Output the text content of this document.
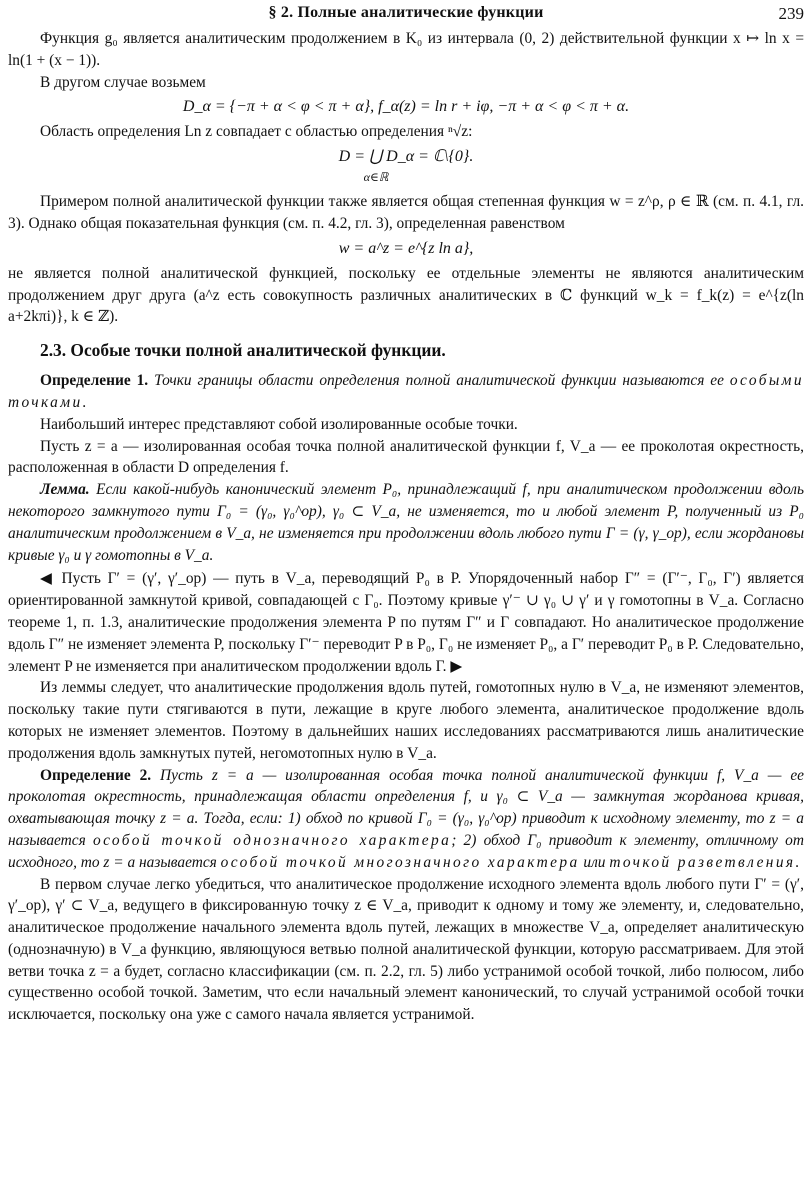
§ 2. Полные аналитические функции	239

Функция g₀ является аналитическим продолжением в K₀ из интервала (0, 2) действительной функции x ↦ ln x = ln(1 + (x − 1)).

В другом случае возьмем

D_α = {−π + α < φ < π + α}, f_α(z) = ln r + iφ, −π + α < φ < π + α.

Область определения Ln z совпадает с областью определения ⁿ√z:

D = ⋃ D_α = ℂ\{0}.
α∈ℝ

Примером полной аналитической функции также является общая степенная функция w = z^ρ, ρ ∈ ℝ (см. п. 4.1, гл. 3). Однако общая показательная функция (см. п. 4.2, гл. 3), определенная равенством

w = a^z = e^{z ln a},

не является полной аналитической функцией, поскольку ее отдельные элементы не являются аналитическим продолжением друг друга (a^z есть совокупность различных аналитических в ℂ функций w_k = f_k(z) = e^{z(ln a+2kπi)}, k ∈ ℤ).

2.3. Особые точки полной аналитической функции.

Определение 1. Точки границы области определения полной аналитической функции называются ее особыми точками.

Наибольший интерес представляют собой изолированные особые точки.

Пусть z = a — изолированная особая точка полной аналитической функции f, V_a — ее проколотая окрестность, расположенная в области D определения f.

Лемма. Если какой-нибудь канонический элемент P₀, принадлежащий f, при аналитическом продолжении вдоль некоторого замкнутого пути Γ₀ = (γ₀, γ₀^op), γ₀ ⊂ V_a, не изменяется, то и любой элемент P, полученный из P₀ аналитическим продолжением в V_a, не изменяется при продолжении вдоль любого пути Γ = (γ, γ_op), если жордановы кривые γ₀ и γ гомотопны в V_a.

◀ Пусть Γ′ = (γ′, γ′_op) — путь в V_a, переводящий P₀ в P. Упорядоченный набор Γ″ = (Γ′⁻, Γ₀, Γ′) является ориентированной замкнутой кривой, совпадающей с Γ₀. Поэтому кривые γ′⁻ ∪ γ₀ ∪ γ′ и γ гомотопны в V_a. Согласно теореме 1, п. 1.3, аналитические продолжения элемента P по путям Γ″ и Γ совпадают. Но аналитическое продолжение вдоль Γ″ не изменяет элемента P, поскольку Γ′⁻ переводит P в P₀, Γ₀ не изменяет P₀, а Γ′ переводит P₀ в P. Следовательно, элемент P не изменяется при аналитическом продолжении вдоль Γ. ▶

Из леммы следует, что аналитические продолжения вдоль путей, гомотопных нулю в V_a, не изменяют элементов, поскольку такие пути стягиваются в пути, лежащие в круге любого элемента, аналитическое продолжение вдоль которых не изменяет элементов. Поэтому в дальнейших наших исследованиях рассматриваются лишь аналитические продолжения вдоль замкнутых путей, негомотопных нулю в V_a.

Определение 2. Пусть z = a — изолированная особая точка полной аналитической функции f, V_a — ее проколотая окрестность, принадлежащая области определения f, и γ₀ ⊂ V_a — замкнутая жорданова кривая, охватывающая точку z = a. Тогда, если: 1) обход по кривой Γ₀ = (γ₀, γ₀^op) приводит к исходному элементу, то z = a называется особой точкой однозначного характера; 2) обход Γ₀ приводит к элементу, отличному от исходного, то z = a называется особой точкой многозначного характера или точкой разветвления.

В первом случае легко убедиться, что аналитическое продолжение исходного элемента вдоль любого пути Γ′ = (γ′, γ′_op), γ′ ⊂ V_a, ведущего в фиксированную точку z ∈ V_a, приводит к одному и тому же элементу, и, следовательно, аналитическое продолжение начального элемента вдоль путей, лежащих в множестве V_a, определяет аналитическую (однозначную) в V_a функцию, являющуюся ветвью полной аналитической функции, которую рассматриваем. Для этой ветви точка z = a будет, согласно классификации (см. п. 2.2, гл. 5) либо устранимой особой точкой, либо полюсом, либо существенно особой точкой. Заметим, что если начальный элемент канонический, то случай устранимой особой точки исключается, поскольку она уже с самого начала является устранимой.
